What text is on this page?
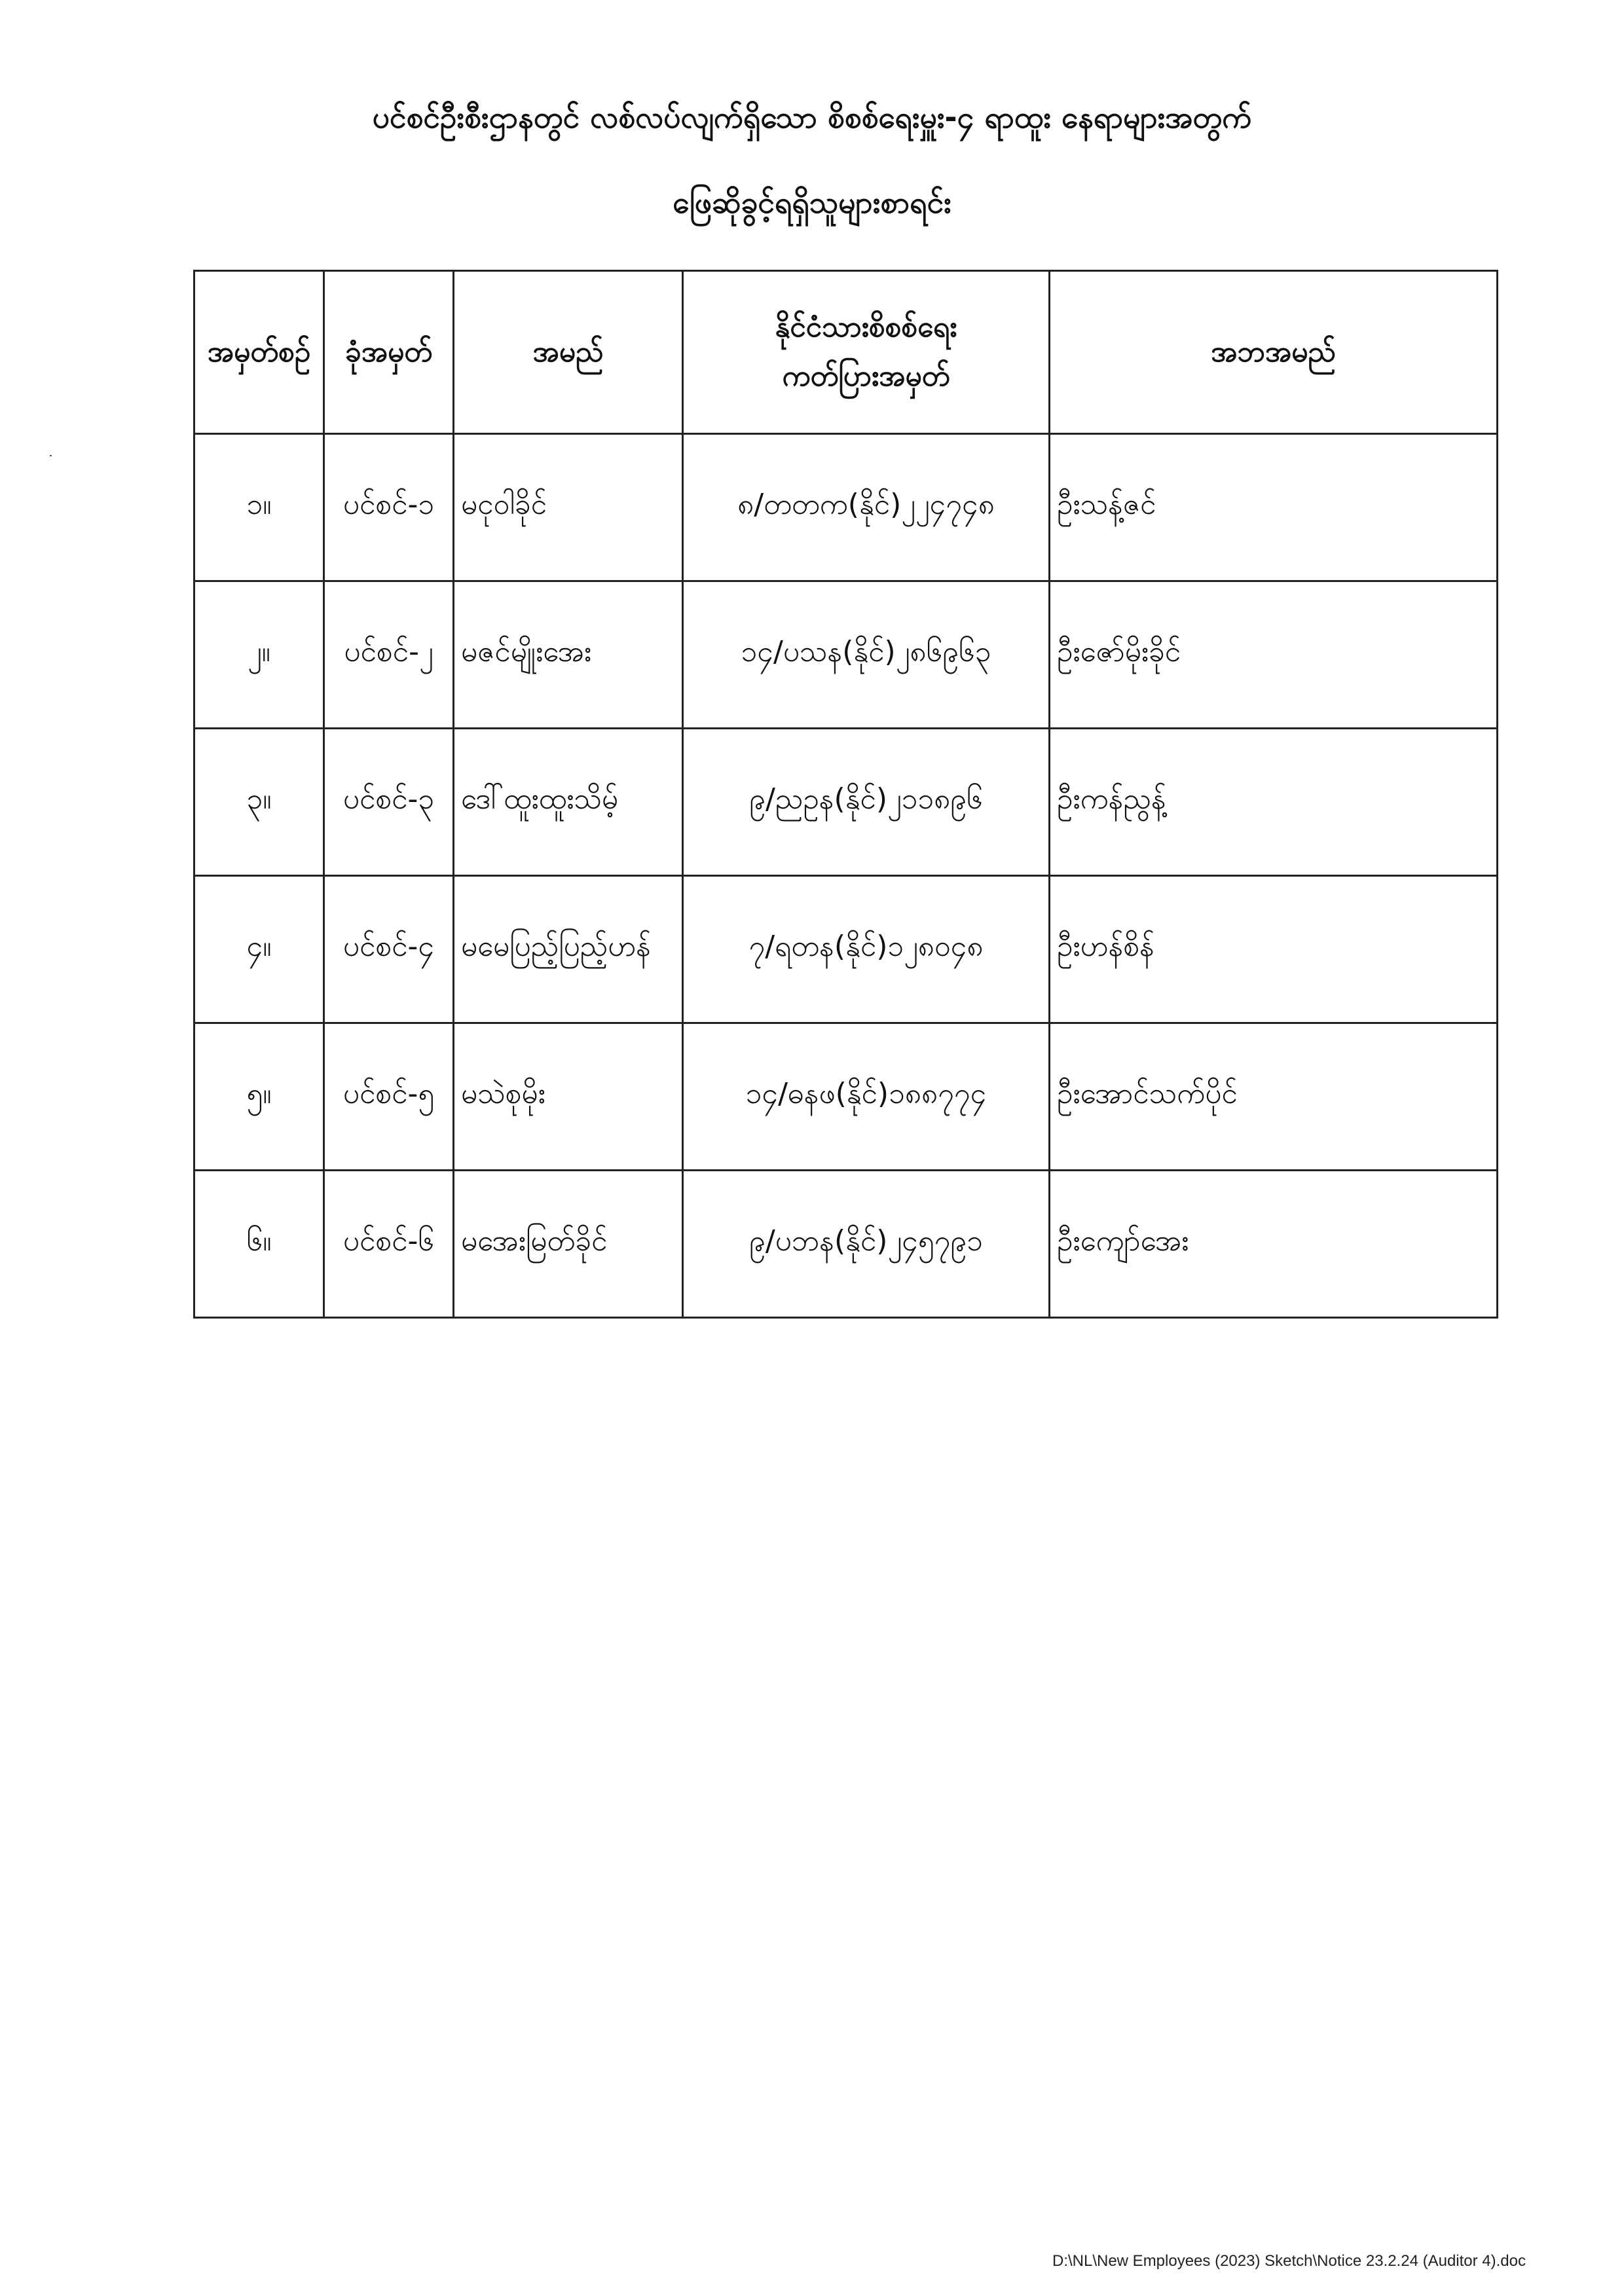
ပင်စင်ဦးစီးဌာနတွင် လစ်လပ်လျက်ရှိသော စိစစ်ရေးမှူး-၄ ရာထူး နေရာများအတွက်
ဖြေဆိုခွင့်ရရှိသူများစာရင်း
အမှတ်စဉ်	ခုံအမှတ်	အမည်	နိုင်ငံသားစိစစ်ရေး
ကတ်ပြားအမှတ်	အဘအမည်
၁။	ပင်စင်-၁	မငုဝါခိုင်	၈/တတက(နိုင်)၂၂၄၇၄၈	ဦးသန့်ဇင်
၂။	ပင်စင်-၂	မဇင်မျိုးအေး	၁၄/ပသန(နိုင်)၂၈၆၉၆၃	ဦးဇော်မိုးခိုင်
၃။	ပင်စင်-၃	ဒေါ်ထူးထူးသိမ့်	၉/ညဥန(နိုင်)၂၁၁၈၉၆	ဦးကန်ညွန့်
၄။	ပင်စင်-၄	မမေပြည့်ပြည့်ဟန်	၇/ရတန(နိုင်)၁၂၈၀၄၈	ဦးဟန်စိန်
၅။	ပင်စင်-၅	မသဲစုမိုး	၁၄/ဓနဖ(နိုင်)၁၈၈၇၇၄	ဦးအောင်သက်ပိုင်
၆။	ပင်စင်-၆	မအေးမြတ်ခိုင်	၉/ပဘန(နိုင်)၂၄၅၇၉၁	ဦးကျော်အေး
D:\NL\New Employees (2023) Sketch\Notice 23.2.24 (Auditor 4).doc
